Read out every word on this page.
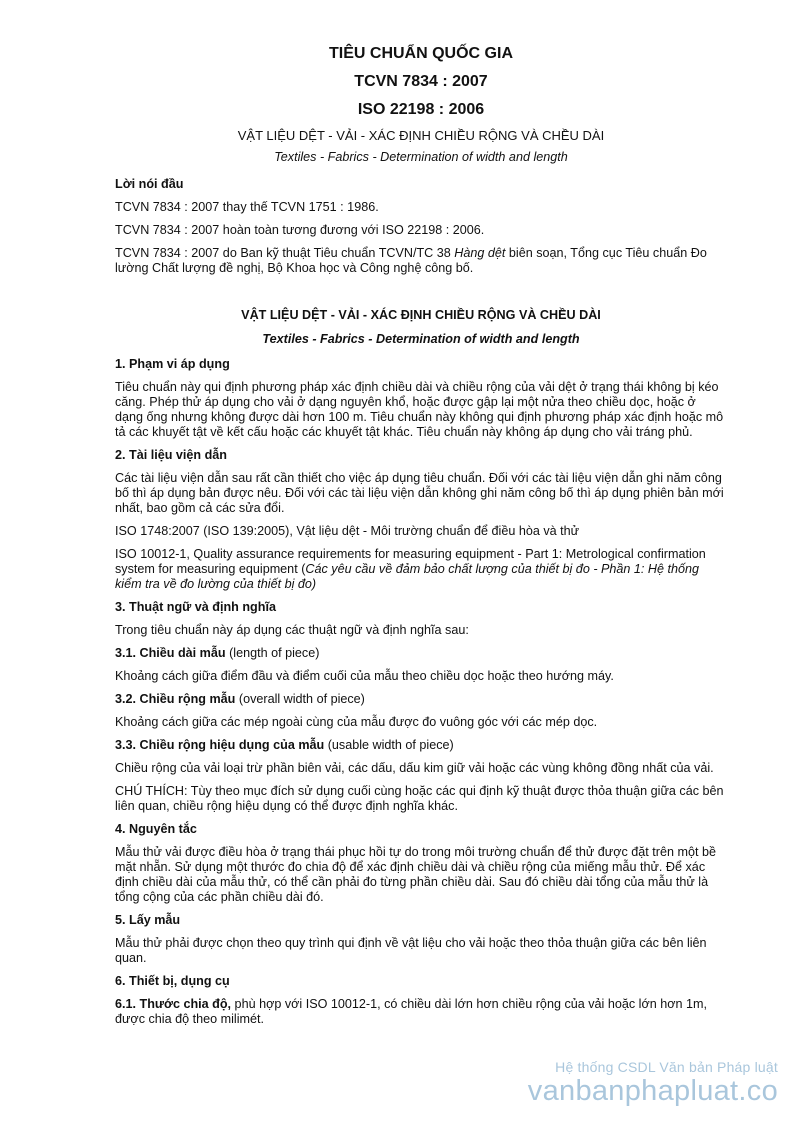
TIÊU CHUẨN QUỐC GIA
TCVN 7834 : 2007
ISO 22198 : 2006
VẬT LIỆU DỆT - VẢI - XÁC ĐỊNH CHIỀU RỘNG VÀ CHỀU DÀI
Textiles - Fabrics - Determination of width and length
Lời nói đầu

TCVN 7834 : 2007 thay thế TCVN 1751 : 1986.

TCVN 7834 : 2007 hoàn toàn tương đương với ISO 22198 : 2006.

TCVN 7834 : 2007 do Ban kỹ thuật Tiêu chuẩn TCVN/TC 38 Hàng dệt biên soạn, Tổng cục Tiêu chuẩn Đo lường Chất lượng đề nghị, Bộ Khoa học và Công nghệ công bố.

VẬT LIỆU DỆT - VẢI - XÁC ĐỊNH CHIỀU RỘNG VÀ CHỀU DÀI
Textiles - Fabrics - Determination of width and length
1. Phạm vi áp dụng

Tiêu chuẩn này qui định phương pháp xác định chiều dài và chiều rộng của vải dệt ở trạng thái không bị kéo căng. Phép thử áp dụng cho vải ở dạng nguyên khổ, hoặc được gập lại một nửa theo chiều dọc, hoặc ở dạng ống nhưng không được dài hơn 100 m. Tiêu chuẩn này không qui định phương pháp xác định hoặc mô tả các khuyết tật về kết cấu hoặc các khuyết tật khác. Tiêu chuẩn này không áp dụng cho vải tráng phủ.

2. Tài liệu viện dẫn

Các tài liệu viện dẫn sau rất cần thiết cho việc áp dụng tiêu chuẩn. Đối với các tài liệu viện dẫn ghi năm công bố thì áp dụng bản được nêu. Đối với các tài liệu viện dẫn không ghi năm công bố thì áp dụng phiên bản mới nhất, bao gồm cả các sửa đổi.

ISO 1748:2007 (ISO 139:2005), Vật liệu dệt - Môi trường chuẩn để điều hòa và thử

ISO 10012-1, Quality assurance requirements for measuring equipment - Part 1: Metrological confirmation system for measuring equipment (Các yêu cầu về đảm bảo chất lượng của thiết bị đo - Phần 1: Hệ thống kiểm tra về đo lường của thiết bị đo)

3. Thuật ngữ và định nghĩa

Trong tiêu chuẩn này áp dụng các thuật ngữ và định nghĩa sau:

3.1. Chiều dài mẫu (length of piece)

Khoảng cách giữa điểm đầu và điểm cuối của mẫu theo chiều dọc hoặc theo hướng máy.

3.2. Chiều rộng mẫu (overall width of piece)

Khoảng cách giữa các mép ngoài cùng của mẫu được đo vuông góc với các mép dọc.

3.3. Chiều rộng hiệu dụng của mẫu (usable width of piece)

Chiều rộng của vải loại trừ phần biên vải, các dấu, dấu kim giữ vải hoặc các vùng không đồng nhất của vải.

CHÚ THÍCH: Tùy theo mục đích sử dụng cuối cùng hoặc các qui định kỹ thuật được thỏa thuận giữa các bên liên quan, chiều rộng hiệu dụng có thể được định nghĩa khác.

4. Nguyên tắc

Mẫu thử vải được điều hòa ở trạng thái phục hồi tự do trong môi trường chuẩn để thử được đặt trên một bề mặt nhẵn. Sử dụng một thước đo chia độ để xác định chiều dài và chiều rộng của miếng mẫu thử. Để xác định chiều dài của mẫu thử, có thể cần phải đo từng phần chiều dài. Sau đó chiều dài tổng của mẫu thử là tổng cộng của các phần chiều dài đó.

5. Lấy mẫu

Mẫu thử phải được chọn theo quy trình qui định về vật liệu cho vải hoặc theo thỏa thuận giữa các bên liên quan.

6. Thiết bị, dụng cụ

6.1. Thước chia độ, phù hợp với ISO 10012-1, có chiều dài lớn hơn chiều rộng của vải hoặc lớn hơn 1m, được chia độ theo milimét.

Hệ thống CSDL Văn bản Pháp luật
vanbanphapluat.co
